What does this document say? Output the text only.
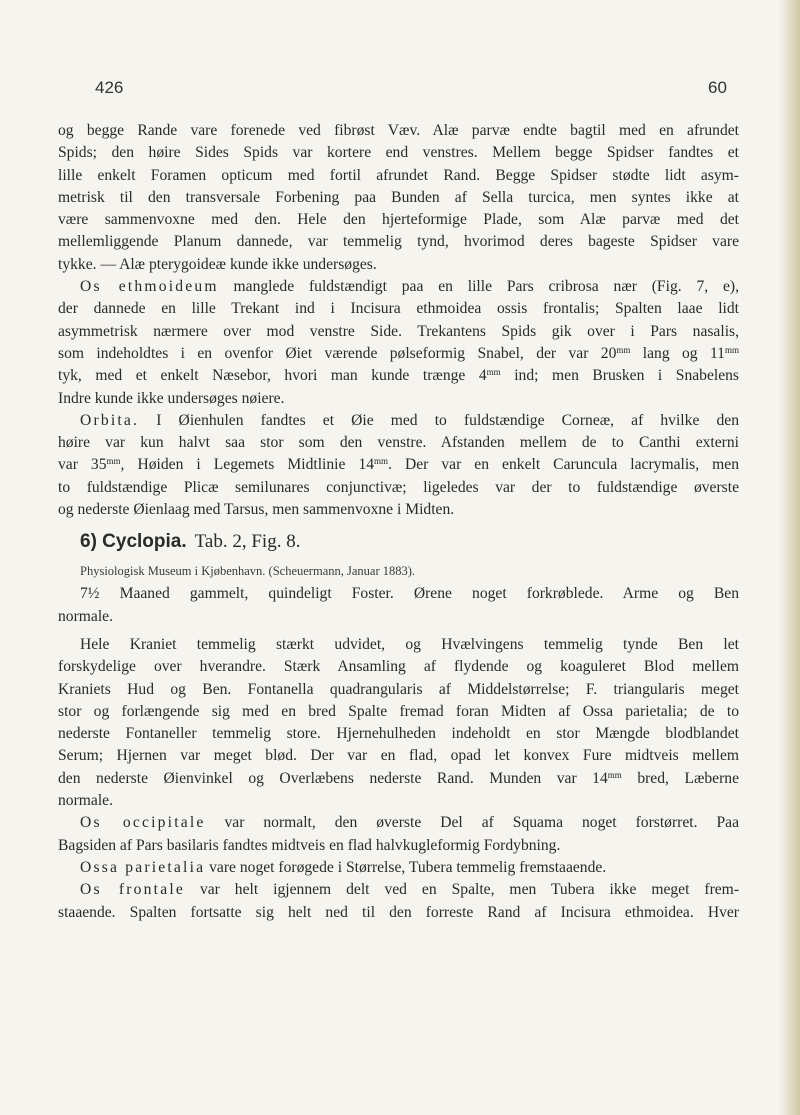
426	60
og begge Rande vare forenede ved fibrøst Væv. Alæ parvæ endte bagtil med en afrundet
Spids; den høire Sides Spids var kortere end venstres. Mellem begge Spidser fandtes et
lille enkelt Foramen opticum med fortil afrundet Rand. Begge Spidser stødte lidt asym-
metrisk til den transversale Forbening paa Bunden af Sella turcica, men syntes ikke at
være sammenvoxne med den. Hele den hjerteformige Plade, som Alæ parvæ med det
mellemliggende Planum dannede, var temmelig tynd, hvorimod deres bageste Spidser vare
tykke. — Alæ pterygoideæ kunde ikke undersøges.
Os ethmoideum manglede fuldstændigt paa en lille Pars cribrosa nær (Fig. 7, e),
der dannede en lille Trekant ind i Incisura ethmoidea ossis frontalis; Spalten laae lidt
asymmetrisk nærmere over mod venstre Side. Trekantens Spids gik over i Pars nasalis,
som indeholdtes i en ovenfor Øiet værende pølseformig Snabel, der var $20^{mm}$ lang og $11^{mm}$
tyk, med et enkelt Næsebor, hvori man kunde trænge $4^{mm}$ ind; men Brusken i Snabelens
Indre kunde ikke undersøges nøiere.
Orbita. I Øienhulen fandtes et Øie med to fuldstændige Corneæ, af hvilke den
høire var kun halvt saa stor som den venstre. Afstanden mellem de to Canthi externi
var $35^{mm}$, Høiden i Legemets Midtlinie $14^{mm}$. Der var en enkelt Caruncula lacrymalis, men
to fuldstændige Plicæ semilunares conjunctivæ; ligeledes var der to fuldstændige øverste
og nederste Øienlaag med Tarsus, men sammenvoxne i Midten.
6) Cyclopia. Tab. 2, Fig. 8.
Physiologisk Museum i Kjøbenhavn. (Scheuermann, Januar 1883).
7½ Maaned gammelt, quindeligt Foster. Ørene noget forkrøblede. Arme og Ben
normale.
Hele Kraniet temmelig stærkt udvidet, og Hvælvingens temmelig tynde Ben let
forskydelige over hverandre. Stærk Ansamling af flydende og koaguleret Blod mellem
Kraniets Hud og Ben. Fontanella quadrangularis af Middelstørrelse; F. triangularis meget
stor og forlængende sig med en bred Spalte fremad foran Midten af Ossa parietalia; de to
nederste Fontaneller temmelig store. Hjernehulheden indeholdt en stor Mængde blodblandet
Serum; Hjernen var meget blød. Der var en flad, opad let konvex Fure midtveis mellem
den nederste Øienvinkel og Overlæbens nederste Rand. Munden var $14^{mm}$ bred, Læberne
normale.
Os occipitale var normalt, den øverste Del af Squama noget forstørret. Paa
Bagsiden af Pars basilaris fandtes midtveis en flad halvkugleformig Fordybning.
Ossa parietalia vare noget forøgede i Størrelse, Tubera temmelig fremstaaende.
Os frontale var helt igjennem delt ved en Spalte, men Tubera ikke meget frem-
staaende. Spalten fortsatte sig helt ned til den forreste Rand af Incisura ethmoidea. Hver
